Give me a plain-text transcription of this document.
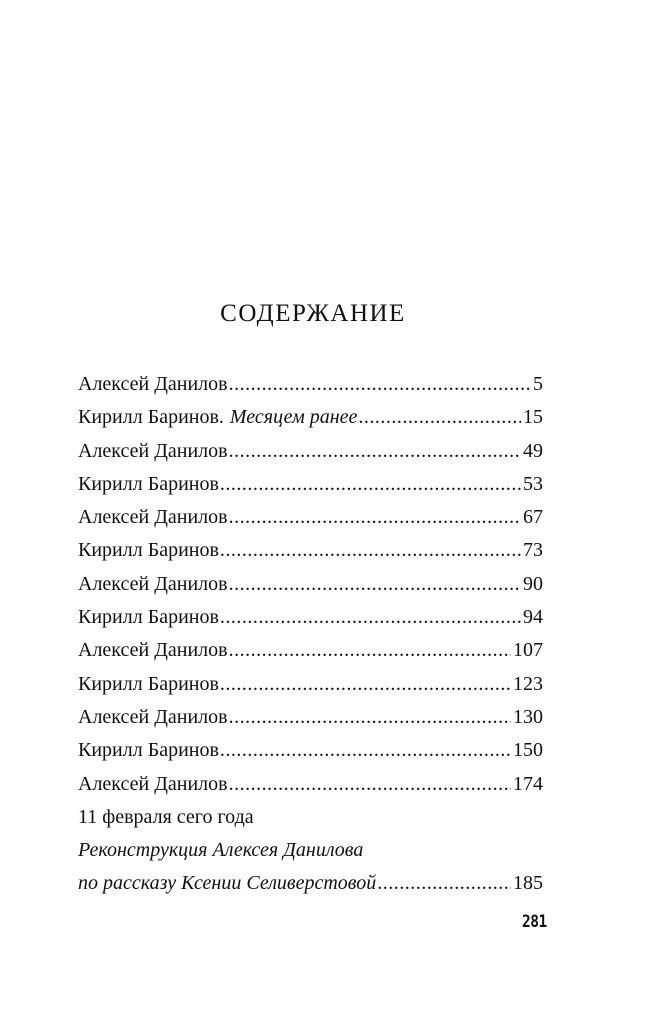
СОДЕРЖАНИЕ
Алексей Данилов .....	5
Кирилл Баринов. Месяцем ранее .....	15
Алексей Данилов .....	49
Кирилл Баринов .....	53
Алексей Данилов .....	67
Кирилл Баринов .....	73
Алексей Данилов .....	90
Кирилл Баринов .....	94
Алексей Данилов .....	107
Кирилл Баринов .....	123
Алексей Данилов .....	130
Кирилл Баринов .....	150
Алексей Данилов .....	174
11 февраля сего года
Реконструкция Алексея Данилова
по рассказу Ксении Селиверстовой .....	185
281
